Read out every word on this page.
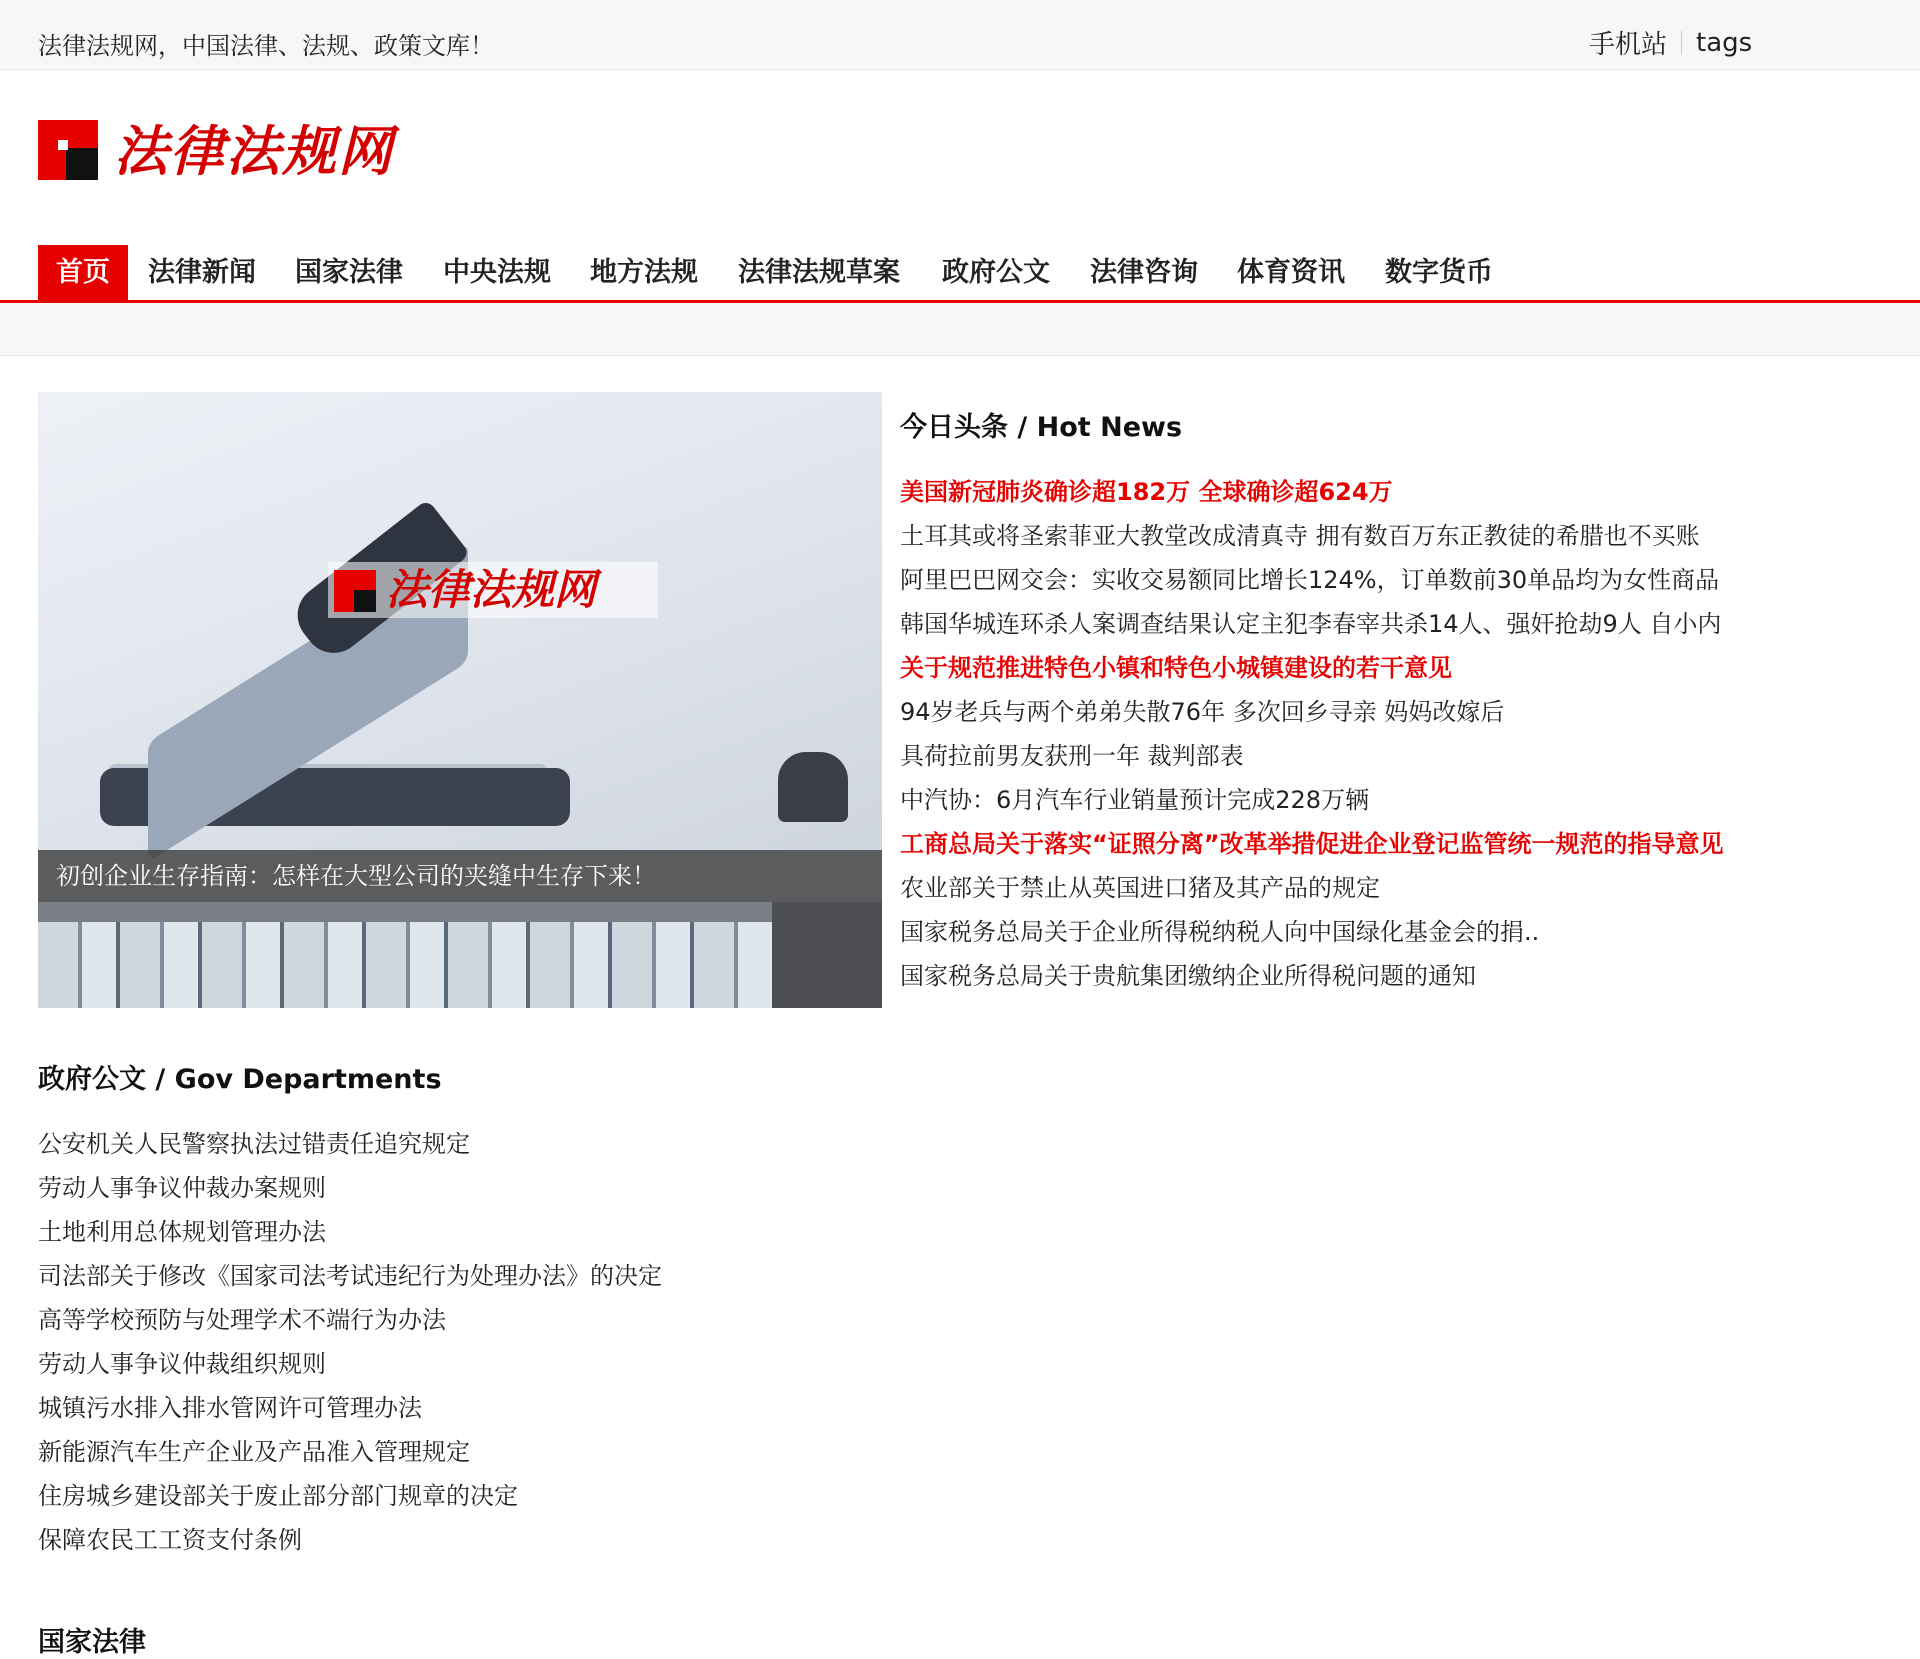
法律法规网，中国法律、法规、政策文库！	手机站 tags
法律法规网
首页	法律新闻 国家法律 中央法规 地方法规 法律法规草案 政府公文 法律咨询 体育资讯 数字货币
法律法规网
初创企业生存指南：怎样在大型公司的夹缝中生存下来！
今日头条 / Hot News
美国新冠肺炎确诊超182万 全球确诊超624万
土耳其或将圣索菲亚大教堂改成清真寺 拥有数百万东正教徒的希腊也不买账
阿里巴巴网交会：实收交易额同比增长124%，订单数前30单品均为女性商品
韩国华城连环杀人案调查结果认定主犯李春宰共杀14人、强奸抢劫9人 自小内
关于规范推进特色小镇和特色小城镇建设的若干意见
94岁老兵与两个弟弟失散76年 多次回乡寻亲 妈妈改嫁后
具荷拉前男友获刑一年 裁判部表
中汽协：6月汽车行业销量预计完成228万辆
工商总局关于落实“证照分离”改革举措促进企业登记监管统一规范的指导意见
农业部关于禁止从英国进口猪及其产品的规定
国家税务总局关于企业所得税纳税人向中国绿化基金会的捐..
国家税务总局关于贵航集团缴纳企业所得税问题的通知
政府公文 / Gov Departments
公安机关人民警察执法过错责任追究规定
劳动人事争议仲裁办案规则
土地利用总体规划管理办法
司法部关于修改《国家司法考试违纪行为处理办法》的决定
高等学校预防与处理学术不端行为办法
劳动人事争议仲裁组织规则
城镇污水排入排水管网许可管理办法
新能源汽车生产企业及产品准入管理规定
住房城乡建设部关于废止部分部门规章的决定
保障农民工工资支付条例
国家法律
